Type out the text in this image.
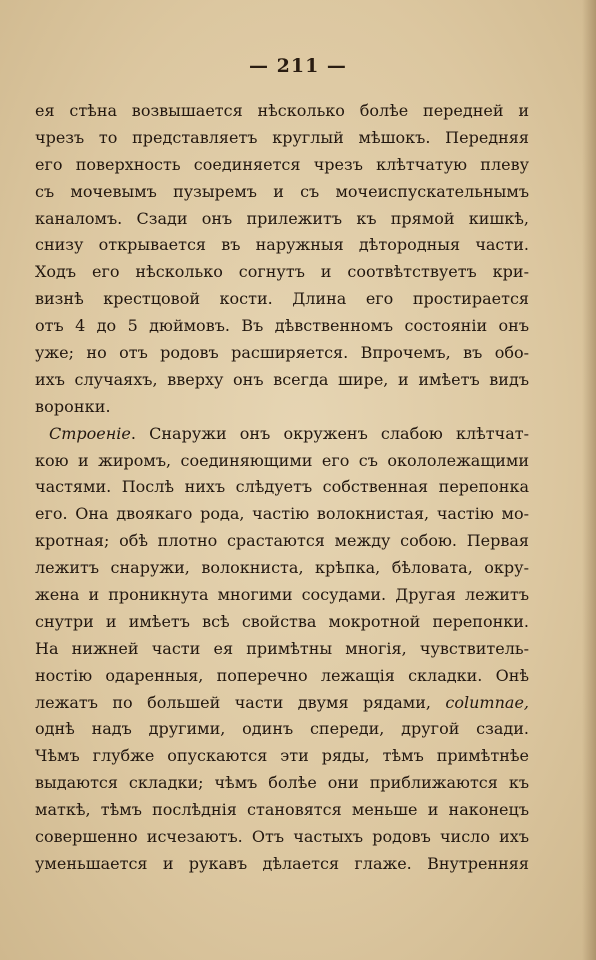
— 211 —
ея стѣна возвышается нѣсколько болѣе передней и
чрезъ то представляетъ круглый мѣшокъ. Передняя
его поверхность соединяется чрезъ клѣтчатую плеву
съ мочевымъ пузыремъ и съ мочеиспускательнымъ
каналомъ. Сзади онъ прилежитъ къ прямой кишкѣ,
снизу открывается въ наружныя дѣтородныя части.
Ходъ его нѣсколько согнутъ и соотвѣтствуетъ кри-
визнѣ крестцовой кости. Длина его простирается
отъ 4 до 5 дюймовъ. Въ дѣвственномъ состояніи онъ
уже; но отъ родовъ расширяется. Впрочемъ, въ обо-
ихъ случаяхъ, вверху онъ всегда шире, и имѣетъ видъ
воронки.
Строеніе. Снаружи онъ окруженъ слабою клѣтчат-
кою и жиромъ, соединяющими его съ окололежащими
частями. Послѣ нихъ слѣдуетъ собственная перепонка
его. Она двоякаго рода, частію волокнистая, частію мо-
кротная; обѣ плотно срастаются между собою. Первая
лежитъ снаружи, волокниста, крѣпка, бѣловата, окру-
жена и проникнута многими сосудами. Другая лежитъ
снутри и имѣетъ всѣ свойства мокротной перепонки.
На нижней части ея примѣтны многія, чувствитель-
ностію одаренныя, поперечно лежащія складки. Онѣ
лежатъ по большей части двумя рядами, columnae,
однѣ надъ другими, одинъ спереди, другой сзади.
Чѣмъ глубже опускаются эти ряды, тѣмъ примѣтнѣе
выдаются складки; чѣмъ болѣе они приближаются къ
маткѣ, тѣмъ послѣднія становятся меньше и наконецъ
совершенно исчезаютъ. Отъ частыхъ родовъ число ихъ
уменьшается и рукавъ дѣлается глаже. Внутренняя
